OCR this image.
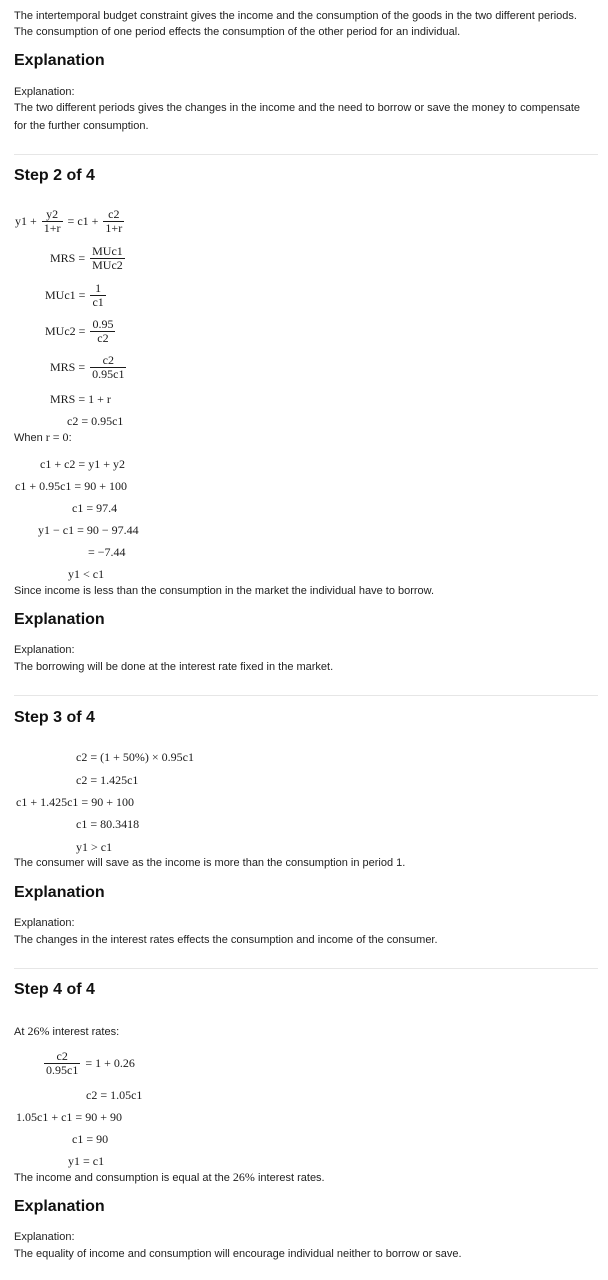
The intertemporal budget constraint gives the income and the consumption of the goods in the two different periods.
The consumption of one period effects the consumption of the other period for an individual.
Explanation
Explanation:
The two different periods gives the changes in the income and the need to borrow or save the money to compensate
for the further consumption.
Step 2 of 4
$y1 + \frac{y2}{1+r} = c1 + \frac{c2}{1+r}$
MRS = $\frac{\text{MUc1}}{\text{MUc2}}$
$MUc1 = \frac{1}{c1}$
$MUc2 = \frac{0.95}{c2}$
MRS = $\frac{c2}{0.95c1}$
MRS = 1 + r
c2 = 0.95c1
When r = 0:
c1 + c2 = y1 + y2
c1 + 0.95c1 = 90 + 100
c1 = 97.4
y1 − c1 = 90 − 97.44
= −7.44
y1 < c1
Since income is less than the consumption in the market the individual have to borrow.
Explanation
Explanation:
The borrowing will be done at the interest rate fixed in the market.
Step 3 of 4
c2 = (1 + 50%) × 0.95c1
c2 = 1.425c1
c1 + 1.425c1 = 90 + 100
c1 = 80.3418
y1 > c1
The consumer will save as the income is more than the consumption in period 1.
Explanation
Explanation:
The changes in the interest rates effects the consumption and income of the consumer.
Step 4 of 4
At 26% interest rates:
$\frac{c2}{0.95c1} = 1 + 0.26$
c2 = 1.05c1
1.05c1 + c1 = 90 + 90
c1 = 90
y1 = c1
The income and consumption is equal at the 26% interest rates.
Explanation
Explanation:
The equality of income and consumption will encourage individual neither to borrow or save.
